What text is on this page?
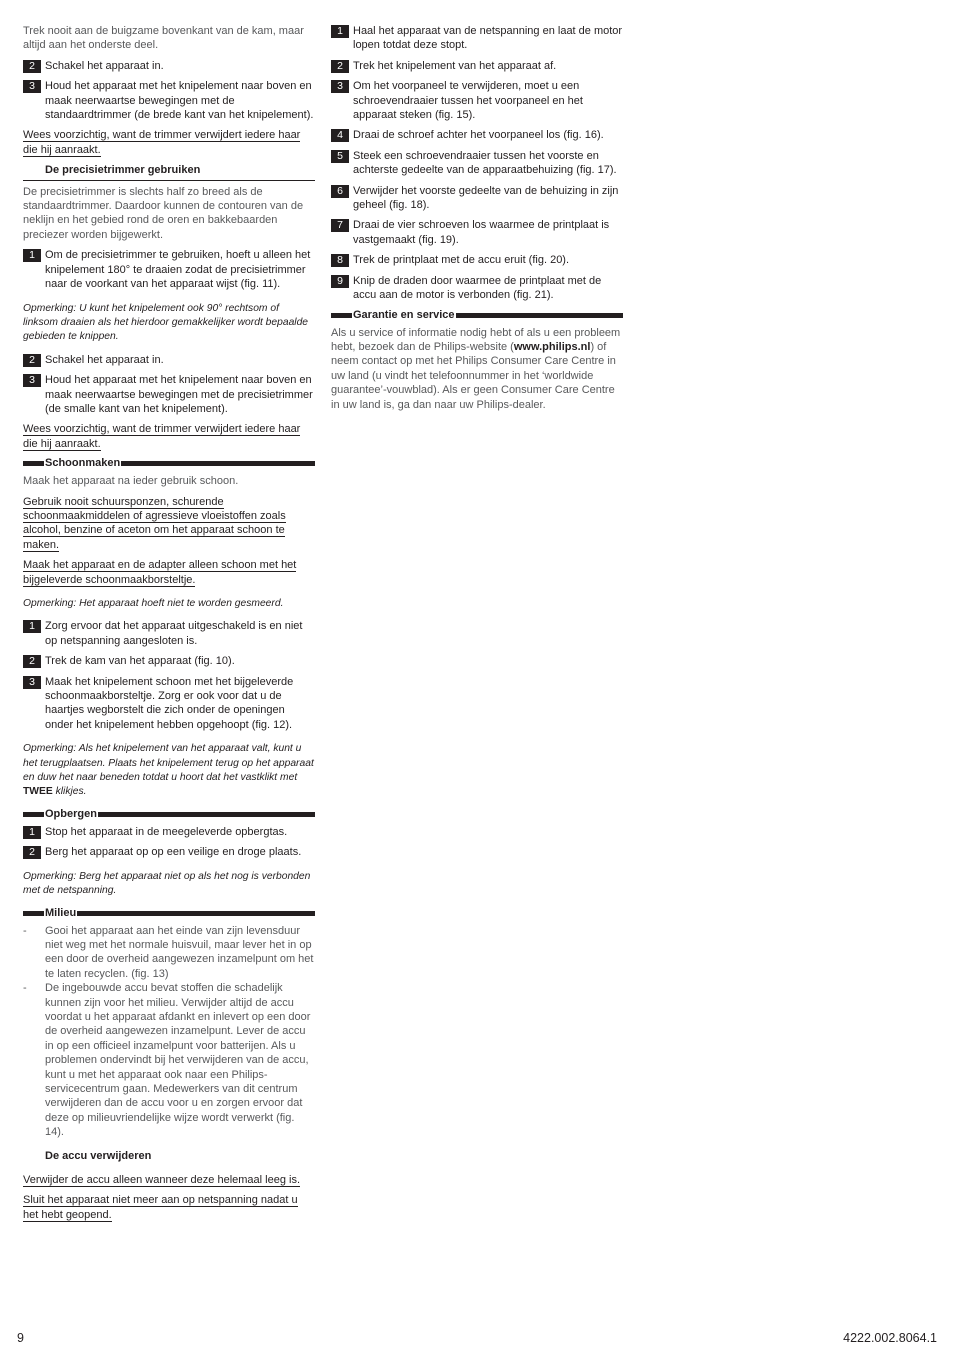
Trek nooit aan de buigzame bovenkant van de kam, maar altijd aan het onderste deel.

2 Schakel het apparaat in.
3 Houd het apparaat met het knipelement naar boven en maak neerwaartse bewegingen met de standaardtrimmer (de brede kant van het knipelement).

Wees voorzichtig, want de trimmer verwijdert iedere haar die hij aanraakt.

De precisietrimmer gebruiken

De precisietrimmer is slechts half zo breed als de standaardtrimmer. Daardoor kunnen de contouren van de neklijn en het gebied rond de oren en bakkebaarden preciezer worden bijgewerkt.

1 Om de precisietrimmer te gebruiken, hoeft u alleen het knipelement 180° te draaien zodat de precisietrimmer naar de voorkant van het apparaat wijst (fig. 11).

Opmerking: U kunt het knipelement ook 90° rechtsom of linksom draaien als het hierdoor gemakkelijker wordt bepaalde gebieden te knippen.

2 Schakel het apparaat in.
3 Houd het apparaat met het knipelement naar boven en maak neerwaartse bewegingen met de precisietrimmer (de smalle kant van het knipelement).

Wees voorzichtig, want de trimmer verwijdert iedere haar die hij aanraakt.

Schoonmaken

Maak het apparaat na ieder gebruik schoon.

Gebruik nooit schuursponzen, schurende schoonmaakmiddelen of agressieve vloeistoffen zoals alcohol, benzine of aceton om het apparaat schoon te maken.

Maak het apparaat en de adapter alleen schoon met het bijgeleverde schoonmaakborsteltje.

Opmerking: Het apparaat hoeft niet te worden gesmeerd.

1 Zorg ervoor dat het apparaat uitgeschakeld is en niet op netspanning aangesloten is.
2 Trek de kam van het apparaat (fig. 10).
3 Maak het knipelement schoon met het bijgeleverde schoonmaakborsteltje. Zorg er ook voor dat u de haartjes wegborstelt die zich onder de openingen onder het knipelement hebben opgehoopt (fig. 12).

Opmerking: Als het knipelement van het apparaat valt, kunt u het terugplaatsen. Plaats het knipelement terug op het apparaat en duw het naar beneden totdat u hoort dat het vastklikt met TWEE klikjes.

Opbergen
1 Stop het apparaat in de meegeleverde opbergtas.
2 Berg het apparaat op op een veilige en droge plaats.

Opmerking: Berg het apparaat niet op als het nog is verbonden met de netspanning.

Milieu
-	Gooi het apparaat aan het einde van zijn levensduur niet weg met het normale huisvuil, maar lever het in op een door de overheid aangewezen inzamelpunt om het te laten recyclen. (fig. 13)
-	De ingebouwde accu bevat stoffen die schadelijk kunnen zijn voor het milieu. Verwijder altijd de accu voordat u het apparaat afdankt en inlevert op een door de overheid aangewezen inzamelpunt. Lever de accu in op een officieel inzamelpunt voor batterijen. Als u problemen ondervindt bij het verwijderen van de accu, kunt u met het apparaat ook naar een Philips-servicecentrum gaan. Medewerkers van dit centrum verwijderen dan de accu voor u en zorgen ervoor dat deze op milieuvriendelijke wijze wordt verwerkt (fig. 14).
De accu verwijderen

Verwijder de accu alleen wanneer deze helemaal leeg is.

Sluit het apparaat niet meer aan op netspanning nadat u het hebt geopend.

1 Haal het apparaat van de netspanning en laat de motor lopen totdat deze stopt.
2 Trek het knipelement van het apparaat af.
3 Om het voorpaneel te verwijderen, moet u een schroevendraaier tussen het voorpaneel en het apparaat steken (fig. 15).
4 Draai de schroef achter het voorpaneel los (fig. 16).
5 Steek een schroevendraaier tussen het voorste en achterste gedeelte van de apparaatbehuizing (fig. 17).
6 Verwijder het voorste gedeelte van de behuizing in zijn geheel (fig. 18).
7 Draai de vier schroeven los waarmee de printplaat is vastgemaakt (fig. 19).
8 Trek de printplaat met de accu eruit (fig. 20).
9 Knip de draden door waarmee de printplaat met de accu aan de motor is verbonden (fig. 21).
Garantie en service

Als u service of informatie nodig hebt of als u een probleem hebt, bezoek dan de Philips-website (www.philips.nl) of neem contact op met het Philips Consumer Care Centre in uw land (u vindt het telefoonnummer in het ‘worldwide guarantee’-vouwblad). Als er geen Consumer Care Centre in uw land is, ga dan naar uw Philips-dealer.

9	4222.002.8064.1
